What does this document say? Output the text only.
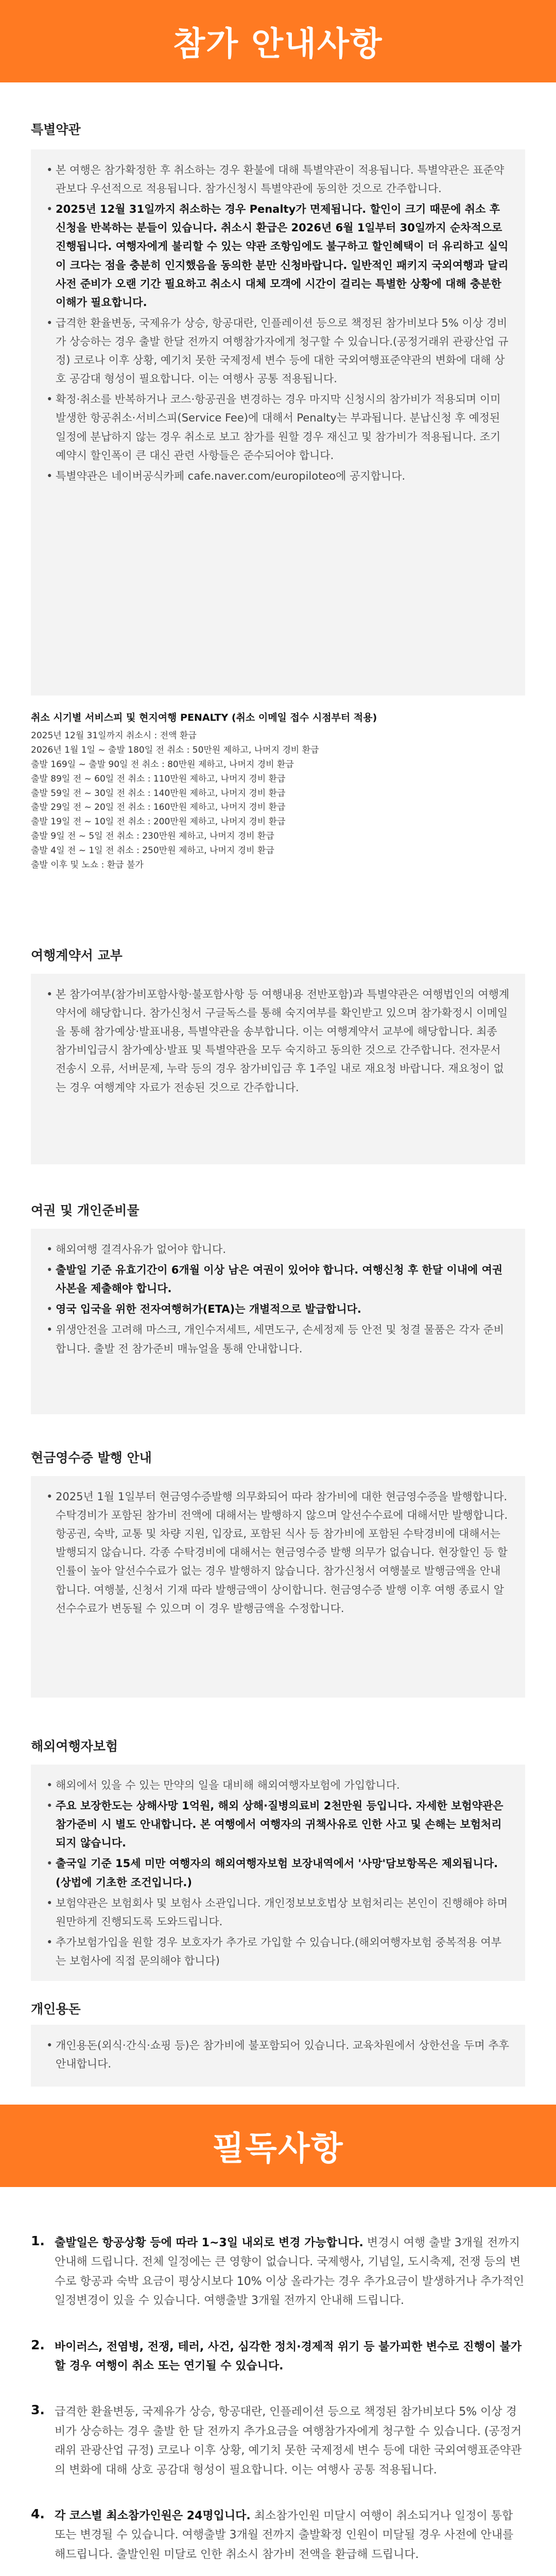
참가 안내사항
특별약관
• 본 여행은 참가확정한 후 취소하는 경우 환불에 대해 특별약관이 적용됩니다. 특별약관은 표준약관보다 우선적으로 적용됩니다. 참가신청시 특별약관에 동의한 것으로 간주합니다.
• 2025년 12월 31일까지 취소하는 경우 Penalty가 면제됩니다. 할인이 크기 때문에 취소 후 신청을 반복하는 분들이 있습니다. 취소시 환급은 2026년 6월 1일부터 30일까지 순차적으로 진행됩니다. 여행자에게 불리할 수 있는 약관 조항임에도 불구하고 할인혜택이 더 유리하고 실익이 크다는 점을 충분히 인지했음을 동의한 분만 신청바랍니다. 일반적인 패키지 국외여행과 달리 사전 준비가 오랜 기간 필요하고 취소시 대체 모객에 시간이 걸리는 특별한 상황에 대해 충분한 이해가 필요합니다.
• 급격한 환율변동, 국제유가 상승, 항공대란, 인플레이션 등으로 책정된 참가비보다 5% 이상 경비가 상승하는 경우 출발 한달 전까지 여행참가자에게 청구할 수 있습니다.(공정거래위 관광산업 규정) 코로나 이후 상황, 예기치 못한 국제정세 변수 등에 대한 국외여행표준약관의 변화에 대해 상호 공감대 형성이 필요합니다. 이는 여행사 공통 적용됩니다.
• 확정·취소를 반복하거나 코스·항공권을 변경하는 경우 마지막 신청시의 참가비가 적용되며 이미 발생한 항공취소·서비스피(Service Fee)에 대해서 Penalty는 부과됩니다. 분납신청 후 예정된 일정에 분납하지 않는 경우 취소로 보고 참가를 원할 경우 재신고 및 참가비가 적용됩니다. 조기예약시 할인폭이 큰 대신 관련 사항들은 준수되어야 합니다.
• 특별약관은 네이버공식카페 cafe.naver.com/europiloteo에 공지합니다.

취소 시기별 서비스피 및 현지여행 PENALTY (취소 이메일 접수 시점부터 적용)

2025년 12월 31일까지 취소시 : 전액 환급
2026년 1월 1일 ~ 출발 180일 전 취소 : 50만원 제하고, 나머지 경비 환급
출발 169일 ~ 출발 90일 전 취소 : 80만원 제하고, 나머지 경비 환급
출발 89일 전 ~ 60일 전 취소 : 110만원 제하고, 나머지 경비 환급
출발 59일 전 ~ 30일 전 취소 : 140만원 제하고, 나머지 경비 환급
출발 29일 전 ~ 20일 전 취소 : 160만원 제하고, 나머지 경비 환급
출발 19일 전 ~ 10일 전 취소 : 200만원 제하고, 나머지 경비 환급
출발 9일 전 ~ 5일 전 취소 : 230만원 제하고, 나머지 경비 환급
출발 4일 전 ~ 1일 전 취소 : 250만원 제하고, 나머지 경비 환급
출발 이후 및 노쇼 : 환급 불가
여행계약서 교부
• 본 참가여부(참가비포함사항·불포함사항 등 여행내용 전반포함)과 특별약관은 여행법인의 여행계약서에 해당합니다. 참가신청서 구글독스를 통해 숙지여부를 확인받고 있으며 참가확정시 이메일을 통해 참가예상·발표내용, 특별약관을 송부합니다. 이는 여행계약서 교부에 해당합니다. 최종 참가비입금시 참가예상·발표 및 특별약관을 모두 숙지하고 동의한 것으로 간주합니다. 전자문서 전송시 오류, 서버문제, 누락 등의 경우 참가비입금 후 1주일 내로 재요청 바랍니다. 재요청이 없는 경우 여행계약 자료가 전송된 것으로 간주합니다.
여권 및 개인준비물
• 해외여행 결격사유가 없어야 합니다.
• 출발일 기준 유효기간이 6개월 이상 남은 여권이 있어야 합니다. 여행신청 후 한달 이내에 여권사본을 제출해야 합니다.
• 영국 입국을 위한 전자여행허가(ETA)는 개별적으로 발급합니다.
• 위생안전을 고려해 마스크, 개인수저세트, 세면도구, 손세정제 등 안전 및 청결 물품은 각자 준비합니다. 출발 전 참가준비 매뉴얼을 통해 안내합니다.
현금영수증 발행 안내
• 2025년 1월 1일부터 현금영수증발행 의무화되어 따라 참가비에 대한 현금영수증을 발행합니다. 수탁경비가 포함된 참가비 전액에 대해서는 발행하지 않으며 알선수수료에 대해서만 발행합니다. 항공권, 숙박, 교통 및 차량 지원, 입장료, 포함된 식사 등 참가비에 포함된 수탁경비에 대해서는 발행되지 않습니다. 각종 수탁경비에 대해서는 현금영수증 발행 의무가 없습니다. 현장할인 등 할인률이 높아 알선수수료가 없는 경우 발행하지 않습니다. 참가신청서 여행불로 발행금액을 안내합니다. 여행불, 신청서 기재 따라 발행금액이 상이합니다. 현금영수증 발행 이후 여행 종료시 알선수수료가 변동될 수 있으며 이 경우 발행금액을 수정합니다.
해외여행자보험
• 해외에서 있을 수 있는 만약의 일을 대비해 해외여행자보험에 가입합니다.
• 주요 보장한도는 상해사망 1억원, 해외 상해·질병의료비 2천만원 등입니다. 자세한 보험약관은 참가준비 시 별도 안내합니다. 본 여행에서 여행자의 귀책사유로 인한 사고 및 손해는 보험처리 되지 않습니다.
• 출국일 기준 15세 미만 여행자의 해외여행자보험 보장내역에서 '사망'담보항목은 제외됩니다. (상법에 기초한 조건입니다.)
• 보험약관은 보험회사 및 보험사 소관입니다. 개인정보보호법상 보험처리는 본인이 진행해야 하며 원만하게 진행되도록 도와드립니다.
• 추가보험가입을 원할 경우 보호자가 추가로 가입할 수 있습니다.(해외여행자보험 중복적용 여부는 보험사에 직접 문의해야 합니다)
개인용돈
• 개인용돈(외식·간식·쇼핑 등)은 참가비에 불포함되어 있습니다. 교육차원에서 상한선을 두며 추후 안내합니다.
필독사항
1. 출발일은 항공상황 등에 따라 1~3일 내외로 변경 가능합니다. 변경시 여행 출발 3개월 전까지 안내해 드립니다. 전체 일정에는 큰 영향이 없습니다. 국제행사, 기념일, 도시축제, 전쟁 등의 변수로 항공과 숙박 요금이 평상시보다 10% 이상 올라가는 경우 추가요금이 발생하거나 추가적인 일정변경이 있을 수 있습니다. 여행출발 3개월 전까지 안내해 드립니다.
2. 바이러스, 전염병, 전쟁, 테러, 사건, 심각한 정치·경제적 위기 등 불가피한 변수로 진행이 불가할 경우 여행이 취소 또는 연기될 수 있습니다.
3. 급격한 환율변동, 국제유가 상승, 항공대란, 인플레이션 등으로 책정된 참가비보다 5% 이상 경비가 상승하는 경우 출발 한 달 전까지 추가요금을 여행참가자에게 청구할 수 있습니다. (공정거래위 관광산업 규정) 코로나 이후 상황, 예기치 못한 국제정세 변수 등에 대한 국외여행표준약관의 변화에 대해 상호 공감대 형성이 필요합니다. 이는 여행사 공통 적용됩니다.
4. 각 코스별 최소참가인원은 24명입니다. 최소참가인원 미달시 여행이 취소되거나 일정이 통합 또는 변경될 수 있습니다. 여행출발 3개월 전까지 출발확정 인원이 미달될 경우 사전에 안내를 해드립니다. 출발인원 미달로 인한 취소시 참가비 전액을 환급해 드립니다.
